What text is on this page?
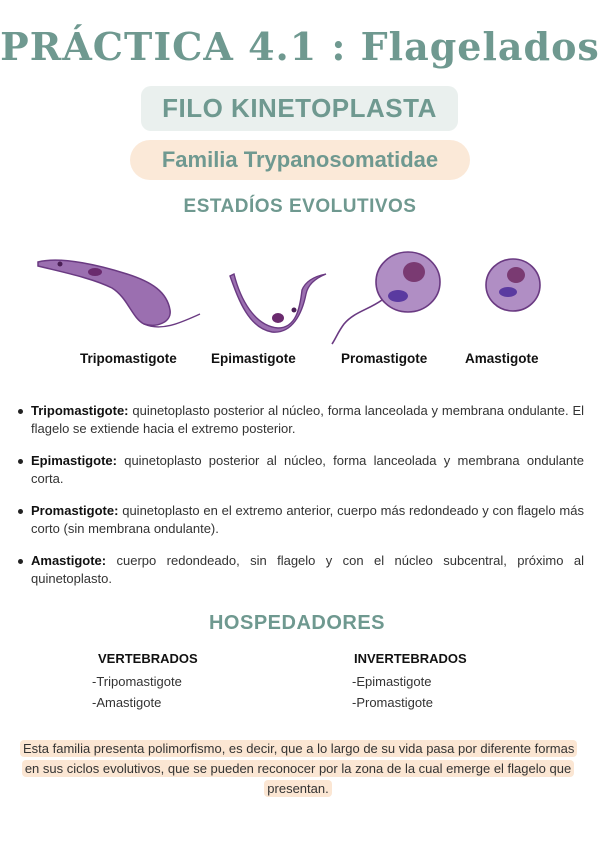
PRÁCTICA 4.1 : Flagelados
FILO KINETOPLASTA
Familia Trypanosomatidae
ESTADÍOS EVOLUTIVOS
Tripomastigote	Epimastigote	Promastigote	Amastigote
Tripomastigote: quinetoplasto posterior al núcleo, forma lanceolada y membrana ondulante. El flagelo se extiende hacia el extremo posterior.
Epimastigote: quinetoplasto posterior al núcleo, forma lanceolada y membrana ondulante corta.
Promastigote: quinetoplasto en el extremo anterior, cuerpo más redondeado y con flagelo más corto (sin membrana ondulante).
Amastigote: cuerpo redondeado, sin flagelo y con el núcleo subcentral, próximo al quinetoplasto.
HOSPEDADORES
VERTEBRADOS
-Tripomastigote
-Amastigote
INVERTEBRADOS
-Epimastigote
-Promastigote
Esta familia presenta polimorfismo, es decir, que a lo largo de su vida pasa por diferente formas en sus ciclos evolutivos, que se pueden reconocer por la zona de la cual emerge el flagelo que presentan.
